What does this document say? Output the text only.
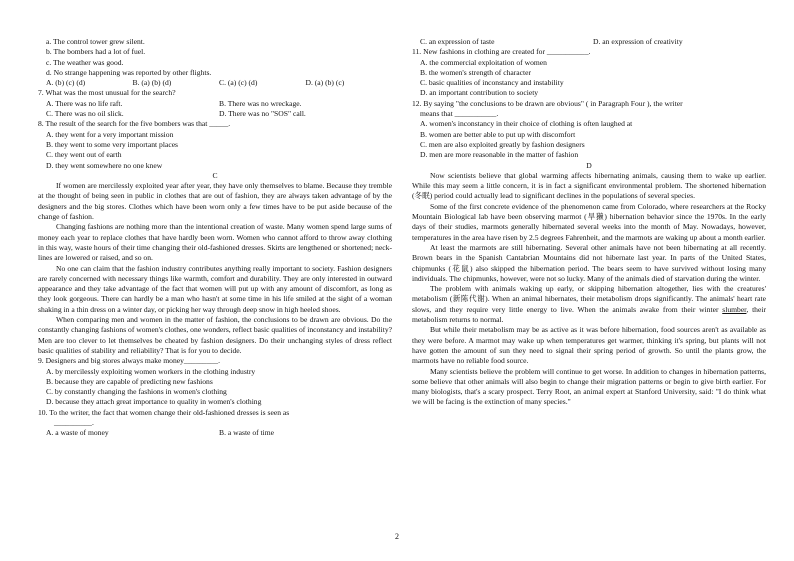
a. The control tower grew silent.
b. The bombers had a lot of fuel.
c. The weather was good.
d. No strange happening was reported by other flights.
A. (b) (c) (d)	B. (a) (b) (d)	C. (a) (c) (d)	D. (a) (b) (c)
7. What was the most unusual for the search?
A. There was no life raft.	B. There was no wreckage.
C. There was no oil slick.	D. There was no "SOS" call.
8. The result of the search for the five bombers was that _____.
A. they went for a very important mission
B. they went to some very important places
C. they went out of earth
D. they went somewhere no one knew
C

If women are mercilessly exploited year after year, they have only themselves to blame. Because they tremble at the thought of being seen in public in clothes that are out of fashion, they are always taken advantage of by the designers and the big stores. Clothes which have been worn only a few times have to be put aside because of the change of fashion.

Changing fashions are nothing more than the intentional creation of waste. Many women spend large sums of money each year to replace clothes that have hardly been worn. Women who cannot afford to throw away clothing in this way, waste hours of their time changing their old-fashioned dresses. Skirts are lengthened or shortened; neck-lines are lowered or raised, and so on.

No one can claim that the fashion industry contributes anything really important to society. Fashion designers are rarely concerned with necessary things like warmth, comfort and durability. They are only interested in outward appearance and they take advantage of the fact that women will put up with any amount of discomfort, as long as they look gorgeous. There can hardly be a man who hasn't at some time in his life smiled at the sight of a woman shaking in a thin dress on a winter day, or picking her way through deep snow in high heeled shoes.

When comparing men and women in the matter of fashion, the conclusions to be drawn are obvious. Do the constantly changing fashions of women's clothes, one wonders, reflect basic qualities of inconstancy and instability? Men are too clever to let themselves be cheated by fashion designers. Do their unchanging styles of dress reflect basic qualities of stability and reliability? That is for you to decide.

9. Designers and big stores always make money_________.
A. by mercilessly exploiting women workers in the clothing industry
B. because they are capable of predicting new fashions
C. by constantly changing the fashions in women's clothing
D. because they attach great importance to quality in women's clothing
10. To the writer, the fact that women change their old-fashioned dresses is seen as
__________.
A. a waste of money	B. a waste of time
C. an expression of taste	D. an expression of creativity
11. New fashions in clothing are created for ___________.
A. the commercial exploitation of women
B. the women's strength of character
C. basic qualities of inconstancy and instability
D. an important contribution to society
12. By saying "the conclusions to be drawn are obvious" ( in Paragraph Four ), the writer
means that ___________.
A. women's inconstancy in their choice of clothing is often laughed at
B. women are better able to put up with discomfort
C. men are also exploited greatly by fashion designers
D. men are more reasonable in the matter of fashion
D

Now scientists believe that global warming affects hibernating animals, causing them to wake up earlier. While this may seem a little concern, it is in fact a significant environmental problem. The shortened hibernation (冬眠) period could actually lead to significant declines in the populations of several species.

Some of the first concrete evidence of the phenomenon came from Colorado, where researchers at the Rocky Mountain Biological lab have been observing marmot (旱獭) hibernation behavior since the 1970s. In the early days of their studies, marmots generally hibernated several weeks into the month of May. Nowadays, however, temperatures in the area have risen by 2.5 degrees Fahrenheit, and the marmots are waking up about a month earlier.

At least the marmots are still hibernating. Several other animals have not been hibernating at all recently. Brown bears in the Spanish Cantabrian Mountains did not hibernate last year. In parts of the United States, chipmunks (花鼠) also skipped the hibernation period. The bears seem to have survived without losing many individuals. The chipmunks, however, were not so lucky. Many of the animals died of starvation during the winter.

The problem with animals waking up early, or skipping hibernation altogether, lies with the creatures' metabolism (新陈代谢). When an animal hibernates, their metabolism drops significantly. The animals' heart rate slows, and they require very little energy to live. When the animals awake from their winter slumber, their metabolism returns to normal.

But while their metabolism may be as active as it was before hibernation, food sources aren't as available as they were before. A marmot may wake up when temperatures get warmer, thinking it's spring, but plants will not have gotten the amount of sun they need to signal their spring period of growth. So until the plants grow, the marmots have no reliable food source.

Many scientists believe the problem will continue to get worse. In addition to changes in hibernation patterns, some believe that other animals will also begin to change their migration patterns or begin to give birth earlier. For many biologists, that's a scary prospect. Terry Root, an animal expert at Stanford University, said: "I do think what we will be facing is the extinction of many species."

2
